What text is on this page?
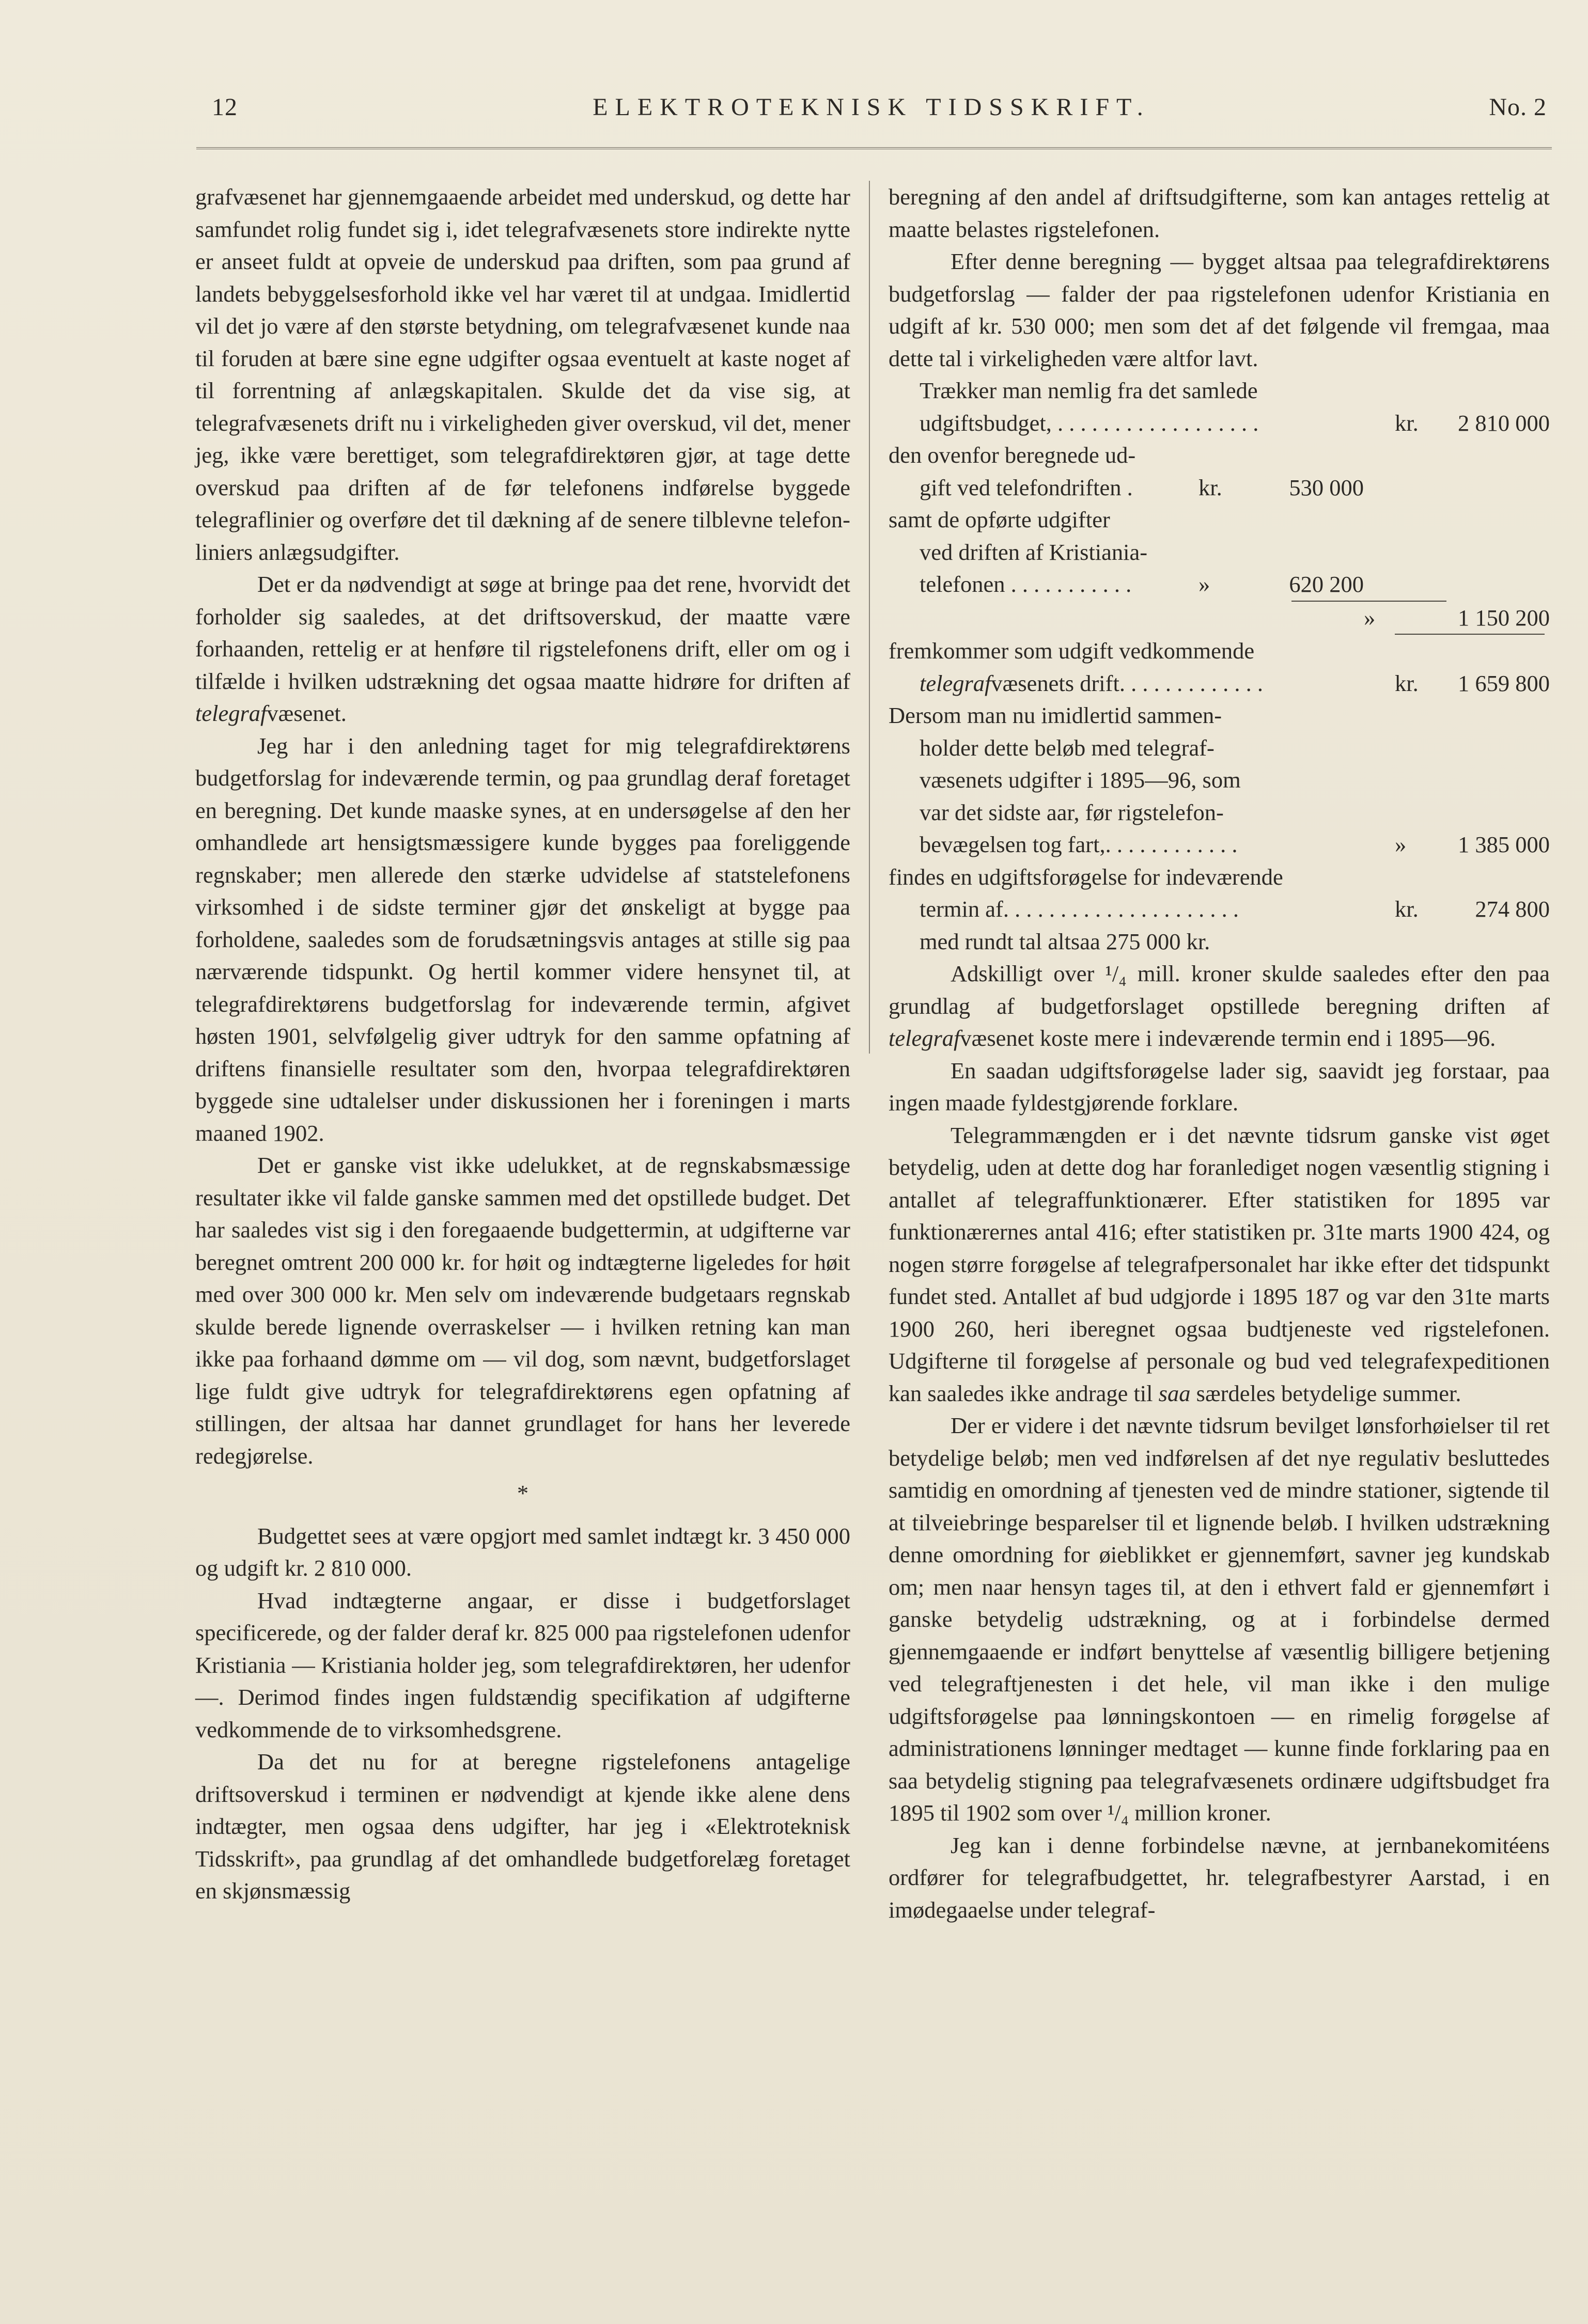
12	ELEKTROTEKNISK TIDSSKRIFT.	No. 2

grafvæsenet har gjennemgaaende arbeidet med underskud, og dette har samfundet rolig fundet sig i, idet telegrafvæsenets store indirekte nytte er anseet fuldt at opveie de underskud paa driften, som paa grund af landets bebyggelsesforhold ikke vel har været til at undgaa. Imidlertid vil det jo være af den største betydning, om telegrafvæsenet kunde naa til foruden at bære sine egne udgifter ogsaa eventuelt at kaste noget af til forrentning af anlægskapitalen. Skulde det da vise sig, at telegrafvæsenets drift nu i virkeligheden giver overskud, vil det, mener jeg, ikke være berettiget, som telegrafdirektøren gjør, at tage dette overskud paa driften af de før telefonens indførelse byggede telegraflinier og overføre det til dækning af de senere tilblevne telefon- liniers anlægsudgifter.

Det er da nødvendigt at søge at bringe paa det rene, hvorvidt det forholder sig saaledes, at det driftsoverskud, der maatte være forhaanden, rettelig er at henføre til rigstelefonens drift, eller om og i tilfælde i hvilken udstrækning det ogsaa maatte hidrøre for driften af telegrafvæsenet.

Jeg har i den anledning taget for mig telegrafdirektørens budgetforslag for indeværende termin, og paa grundlag deraf foretaget en beregning. Det kunde maaske synes, at en undersøgelse af den her omhandlede art hensigtsmæssigere kunde bygges paa foreliggende regnskaber; men allerede den stærke udvidelse af statstelefonens virksomhed i de sidste terminer gjør det ønskeligt at bygge paa forholdene, saaledes som de forudsætningsvis antages at stille sig paa nærværende tidspunkt. Og hertil kommer videre hensynet til, at telegrafdirektørens budgetforslag for indeværende termin, afgivet høsten 1901, selvfølgelig giver udtryk for den samme opfatning af driftens finansielle resultater som den, hvorpaa telegrafdirektøren byggede sine udtalelser under diskussionen her i foreningen i marts maaned 1902.

Det er ganske vist ikke udelukket, at de regnskabsmæssige resultater ikke vil falde ganske sammen med det opstillede budget. Det har saaledes vist sig i den foregaaende budgettermin, at udgifterne var beregnet omtrent 200 000 kr. for høit og indtægterne ligeledes for høit med over 300 000 kr. Men selv om indeværende budgetaars regnskab skulde berede lignende overraskelser — i hvilken retning kan man ikke paa forhaand dømme om — vil dog, som nævnt, budgetforslaget lige fuldt give udtryk for telegrafdirektørens egen opfatning af stillingen, der altsaa har dannet grundlaget for hans her leverede redegjørelse.

*

Budgettet sees at være opgjort med samlet indtægt kr. 3 450 000 og udgift kr. 2 810 000.

Hvad indtægterne angaar, er disse i budgetforslaget specificerede, og der falder deraf kr. 825 000 paa rigstelefonen udenfor Kristiania — Kristiania holder jeg, som telegrafdirektøren, her udenfor —. Derimod findes ingen fuldstændig specifikation af udgifterne vedkommende de to virksomhedsgrene.

Da det nu for at beregne rigstelefonens antagelige driftsoverskud i terminen er nødvendigt at kjende ikke alene dens indtægter, men ogsaa dens udgifter, har jeg i «Elektroteknisk Tidsskrift», paa grundlag af det omhandlede budgetforelæg foretaget en skjønsmæssig

beregning af den andel af driftsudgifterne, som kan antages rettelig at maatte belastes rigstelefonen.

Efter denne beregning — bygget altsaa paa telegrafdirektørens budgetforslag — falder der paa rigstelefonen udenfor Kristiania en udgift af kr. 530 000; men som det af det følgende vil fremgaa, maa dette tal i virkeligheden være altfor lavt.

Trækker man nemlig fra det samlede
udgiftsbudget, . . . . . . . . . . . . . . . . . .	kr.	2 810 000
den ovenfor beregnede ud-
gift ved telefondriften .	kr.	530 000
samt de opførte udgifter
ved driften af Kristiania-
telefonen . . . . . . . . . . .	»	620 200
»	1 150 200
fremkommer som udgift vedkommende
telegrafvæsenets drift. . . . . . . . . . . . .	kr.	1 659 800
Dersom man nu imidlertid sammen-
holder dette beløb med telegraf-
væsenets udgifter i 1895—96, som
var det sidste aar, før rigstelefon-
bevægelsen tog fart,. . . . . . . . . . . .	»	1 385 000
findes en udgiftsforøgelse for indeværende
termin af. . . . . . . . . . . . . . . . . . . . .	kr.	274 800
med rundt tal altsaa 275 000 kr.

Adskilligt over ¹/₄ mill. kroner skulde saaledes efter den paa grundlag af budgetforslaget opstillede beregning driften af telegrafvæsenet koste mere i indeværende termin end i 1895—96.

En saadan udgiftsforøgelse lader sig, saavidt jeg forstaar, paa ingen maade fyldestgjørende forklare.

Telegrammængden er i det nævnte tidsrum ganske vist øget betydelig, uden at dette dog har foranlediget nogen væsentlig stigning i antallet af telegraffunktionærer. Efter statistiken for 1895 var funktionærernes antal 416; efter statistiken pr. 31te marts 1900 424, og nogen større forøgelse af telegrafpersonalet har ikke efter det tidspunkt fundet sted. Antallet af bud udgjorde i 1895 187 og var den 31te marts 1900 260, heri iberegnet ogsaa budtjeneste ved rigstelefonen. Udgifterne til forøgelse af personale og bud ved telegrafexpeditionen kan saaledes ikke andrage til saa særdeles betydelige summer.

Der er videre i det nævnte tidsrum bevilget lønsforhøielser til ret betydelige beløb; men ved indførelsen af det nye regulativ besluttedes samtidig en omordning af tjenesten ved de mindre stationer, sigtende til at tilveiebringe besparelser til et lignende beløb. I hvilken udstrækning denne omordning for øieblikket er gjennemført, savner jeg kundskab om; men naar hensyn tages til, at den i ethvert fald er gjennemført i ganske betydelig udstrækning, og at i forbindelse dermed gjennemgaaende er indført benyttelse af væsentlig billigere betjening ved telegraftjenesten i det hele, vil man ikke i den mulige udgiftsforøgelse paa lønningskontoen — en rimelig forøgelse af administrationens lønninger medtaget — kunne finde forklaring paa en saa betydelig stigning paa telegrafvæsenets ordinære udgiftsbudget fra 1895 til 1902 som over ¹/₄ million kroner.

Jeg kan i denne forbindelse nævne, at jernbanekomitéens ordfører for telegrafbudgettet, hr. telegrafbestyrer Aarstad, i en imødegaaelse under telegraf-
